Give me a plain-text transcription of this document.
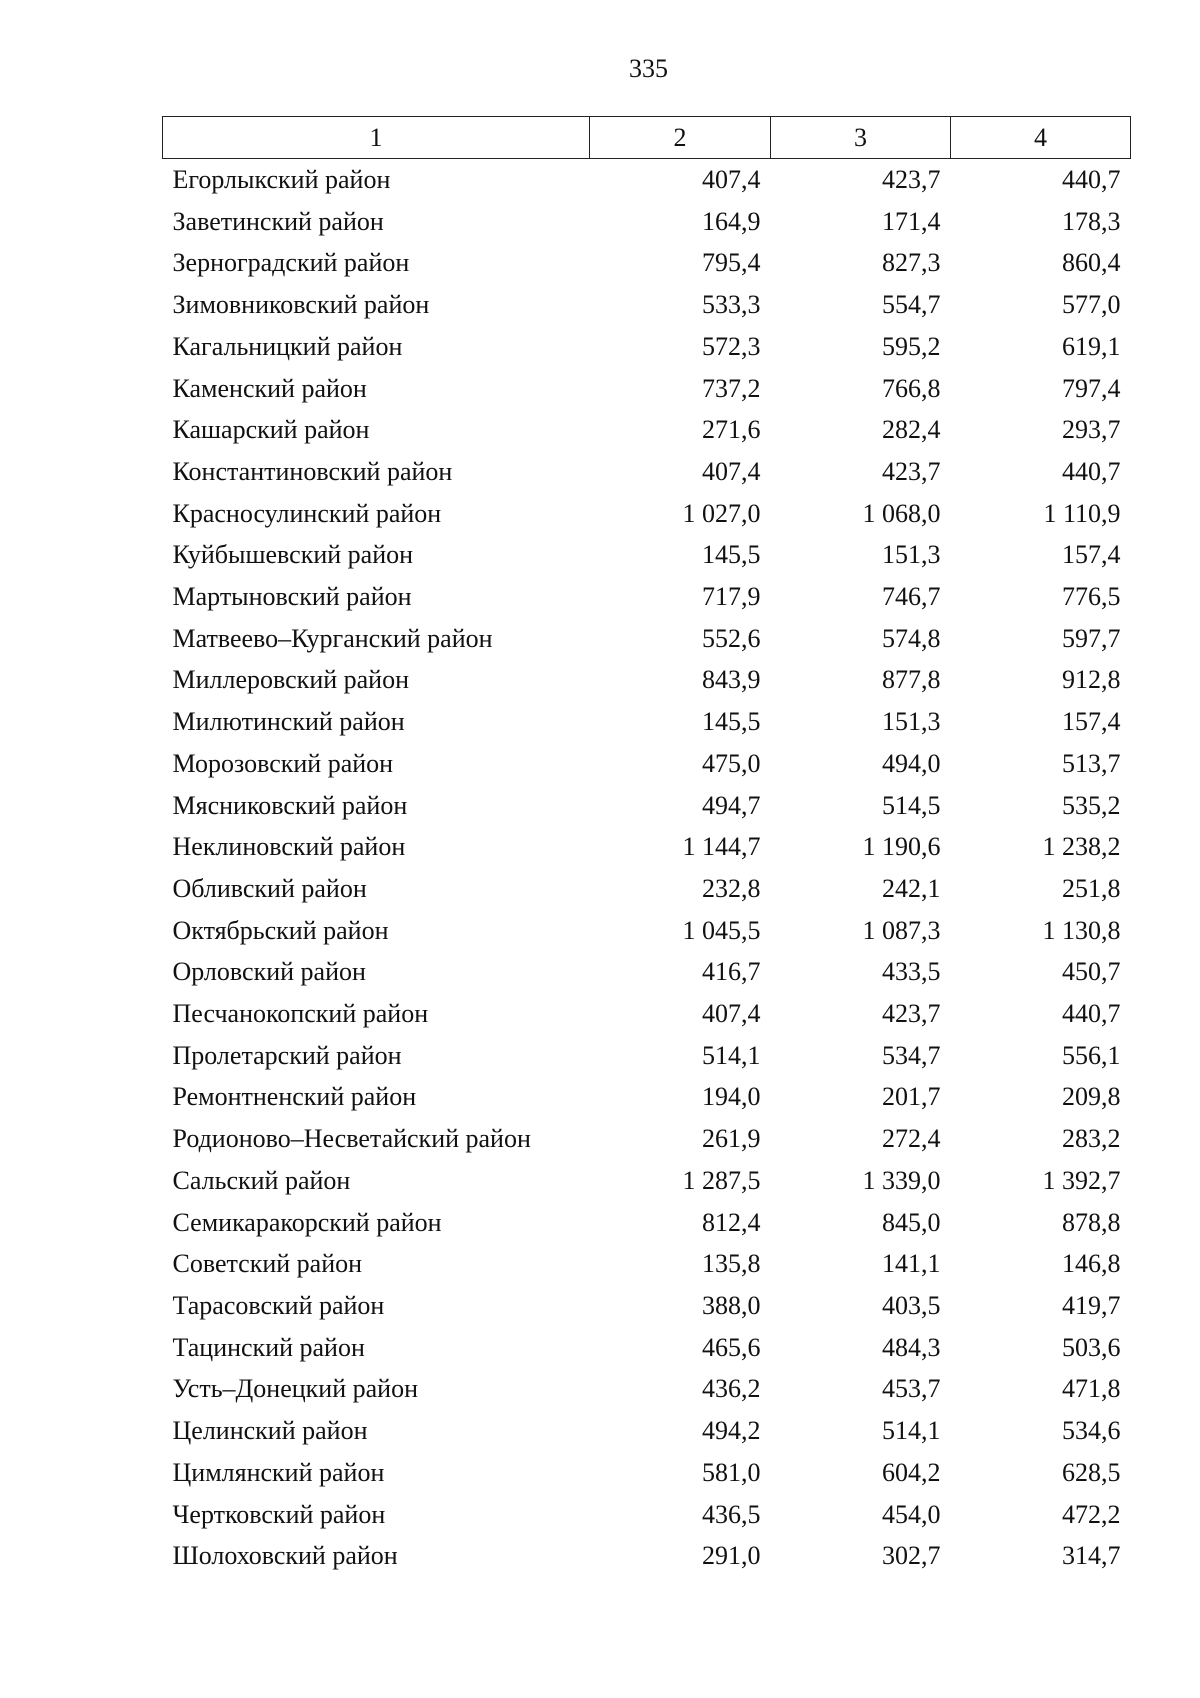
335
1	2	3	4
Егорлыкский район	407,4	423,7	440,7
Заветинский район	164,9	171,4	178,3
Зерноградский район	795,4	827,3	860,4
Зимовниковский район	533,3	554,7	577,0
Кагальницкий район	572,3	595,2	619,1
Каменский район	737,2	766,8	797,4
Кашарский район	271,6	282,4	293,7
Константиновский район	407,4	423,7	440,7
Красносулинский район	1 027,0	1 068,0	1 110,9
Куйбышевский район	145,5	151,3	157,4
Мартыновский район	717,9	746,7	776,5
Матвеево–Курганский район	552,6	574,8	597,7
Миллеровский район	843,9	877,8	912,8
Милютинский район	145,5	151,3	157,4
Морозовский район	475,0	494,0	513,7
Мясниковский район	494,7	514,5	535,2
Неклиновский район	1 144,7	1 190,6	1 238,2
Обливский район	232,8	242,1	251,8
Октябрьский район	1 045,5	1 087,3	1 130,8
Орловский район	416,7	433,5	450,7
Песчанокопский район	407,4	423,7	440,7
Пролетарский район	514,1	534,7	556,1
Ремонтненский район	194,0	201,7	209,8
Родионово–Несветайский район	261,9	272,4	283,2
Сальский район	1 287,5	1 339,0	1 392,7
Семикаракорский район	812,4	845,0	878,8
Советский район	135,8	141,1	146,8
Тарасовский район	388,0	403,5	419,7
Тацинский район	465,6	484,3	503,6
Усть–Донецкий район	436,2	453,7	471,8
Целинский район	494,2	514,1	534,6
Цимлянский район	581,0	604,2	628,5
Чертковский район	436,5	454,0	472,2
Шолоховский район	291,0	302,7	314,7
